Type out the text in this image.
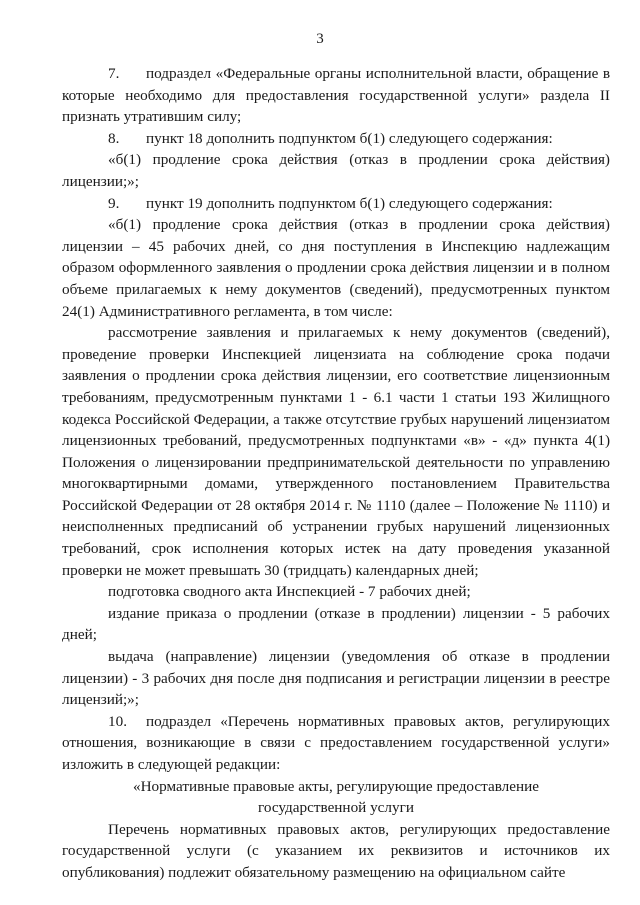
3

7. подраздел «Федеральные органы исполнительной власти, обращение в которые необходимо для предоставления государственной услуги» раздела II признать утратившим силу;

8. пункт 18 дополнить подпунктом б(1) следующего содержания:

«б(1) продление срока действия (отказ в продлении срока действия) лицензии;»;

9. пункт 19 дополнить подпунктом б(1) следующего содержания:

«б(1) продление срока действия (отказ в продлении срока действия) лицензии – 45 рабочих дней, со дня поступления в Инспекцию надлежащим образом оформленного заявления о продлении срока действия лицензии и в полном объеме прилагаемых к нему документов (сведений), предусмотренных пунктом 24(1) Административного регламента, в том числе:

рассмотрение заявления и прилагаемых к нему документов (сведений), проведение проверки Инспекцией лицензиата на соблюдение срока подачи заявления о продлении срока действия лицензии, его соответствие лицензионным требованиям, предусмотренным пунктами 1 - 6.1 части 1 статьи 193 Жилищного кодекса Российской Федерации, а также отсутствие грубых нарушений лицензиатом лицензионных требований, предусмотренных подпунктами «в» - «д» пункта 4(1) Положения о лицензировании предпринимательской деятельности по управлению многоквартирными домами, утвержденного постановлением Правительства Российской Федерации от 28 октября 2014 г. № 1110 (далее – Положение № 1110) и неисполненных предписаний об устранении грубых нарушений лицензионных требований, срок исполнения которых истек на дату проведения указанной проверки не может превышать 30 (тридцать) календарных дней;

подготовка сводного акта Инспекцией - 7 рабочих дней;

издание приказа о продлении (отказе в продлении) лицензии - 5 рабочих дней;

выдача (направление) лицензии (уведомления об отказе в продлении лицензии) - 3 рабочих дня после дня подписания и регистрации лицензии в реестре лицензий;»;

10. подраздел «Перечень нормативных правовых актов, регулирующих отношения, возникающие в связи с предоставлением государственной услуги» изложить в следующей редакции:

«Нормативные правовые акты, регулирующие предоставление

государственной услуги

Перечень нормативных правовых актов, регулирующих предоставление государственной услуги (с указанием их реквизитов и источников их опубликования) подлежит обязательному размещению на официальном сайте
